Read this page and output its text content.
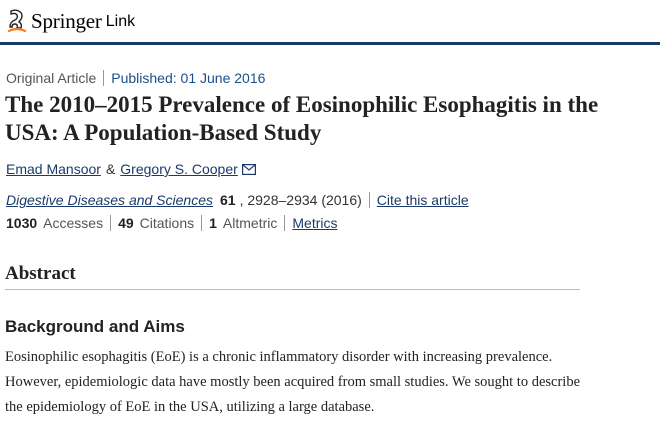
Springer Link
Original Article Published: 01 June 2016
The 2010–2015 Prevalence of Eosinophilic Esophagitis in the USA: A Population-Based Study
Emad Mansoor & Gregory S. Cooper
Digestive Diseases and Sciences 61 , 2928–2934 (2016) Cite this article
1030 Accesses 49 Citations 1 Altmetric Metrics
Abstract
Background and Aims

Eosinophilic esophagitis (EoE) is a chronic inflammatory disorder with increasing prevalence. However, epidemiologic data have mostly been acquired from small studies. We sought to describe the epidemiology of EoE in the USA, utilizing a large database.
